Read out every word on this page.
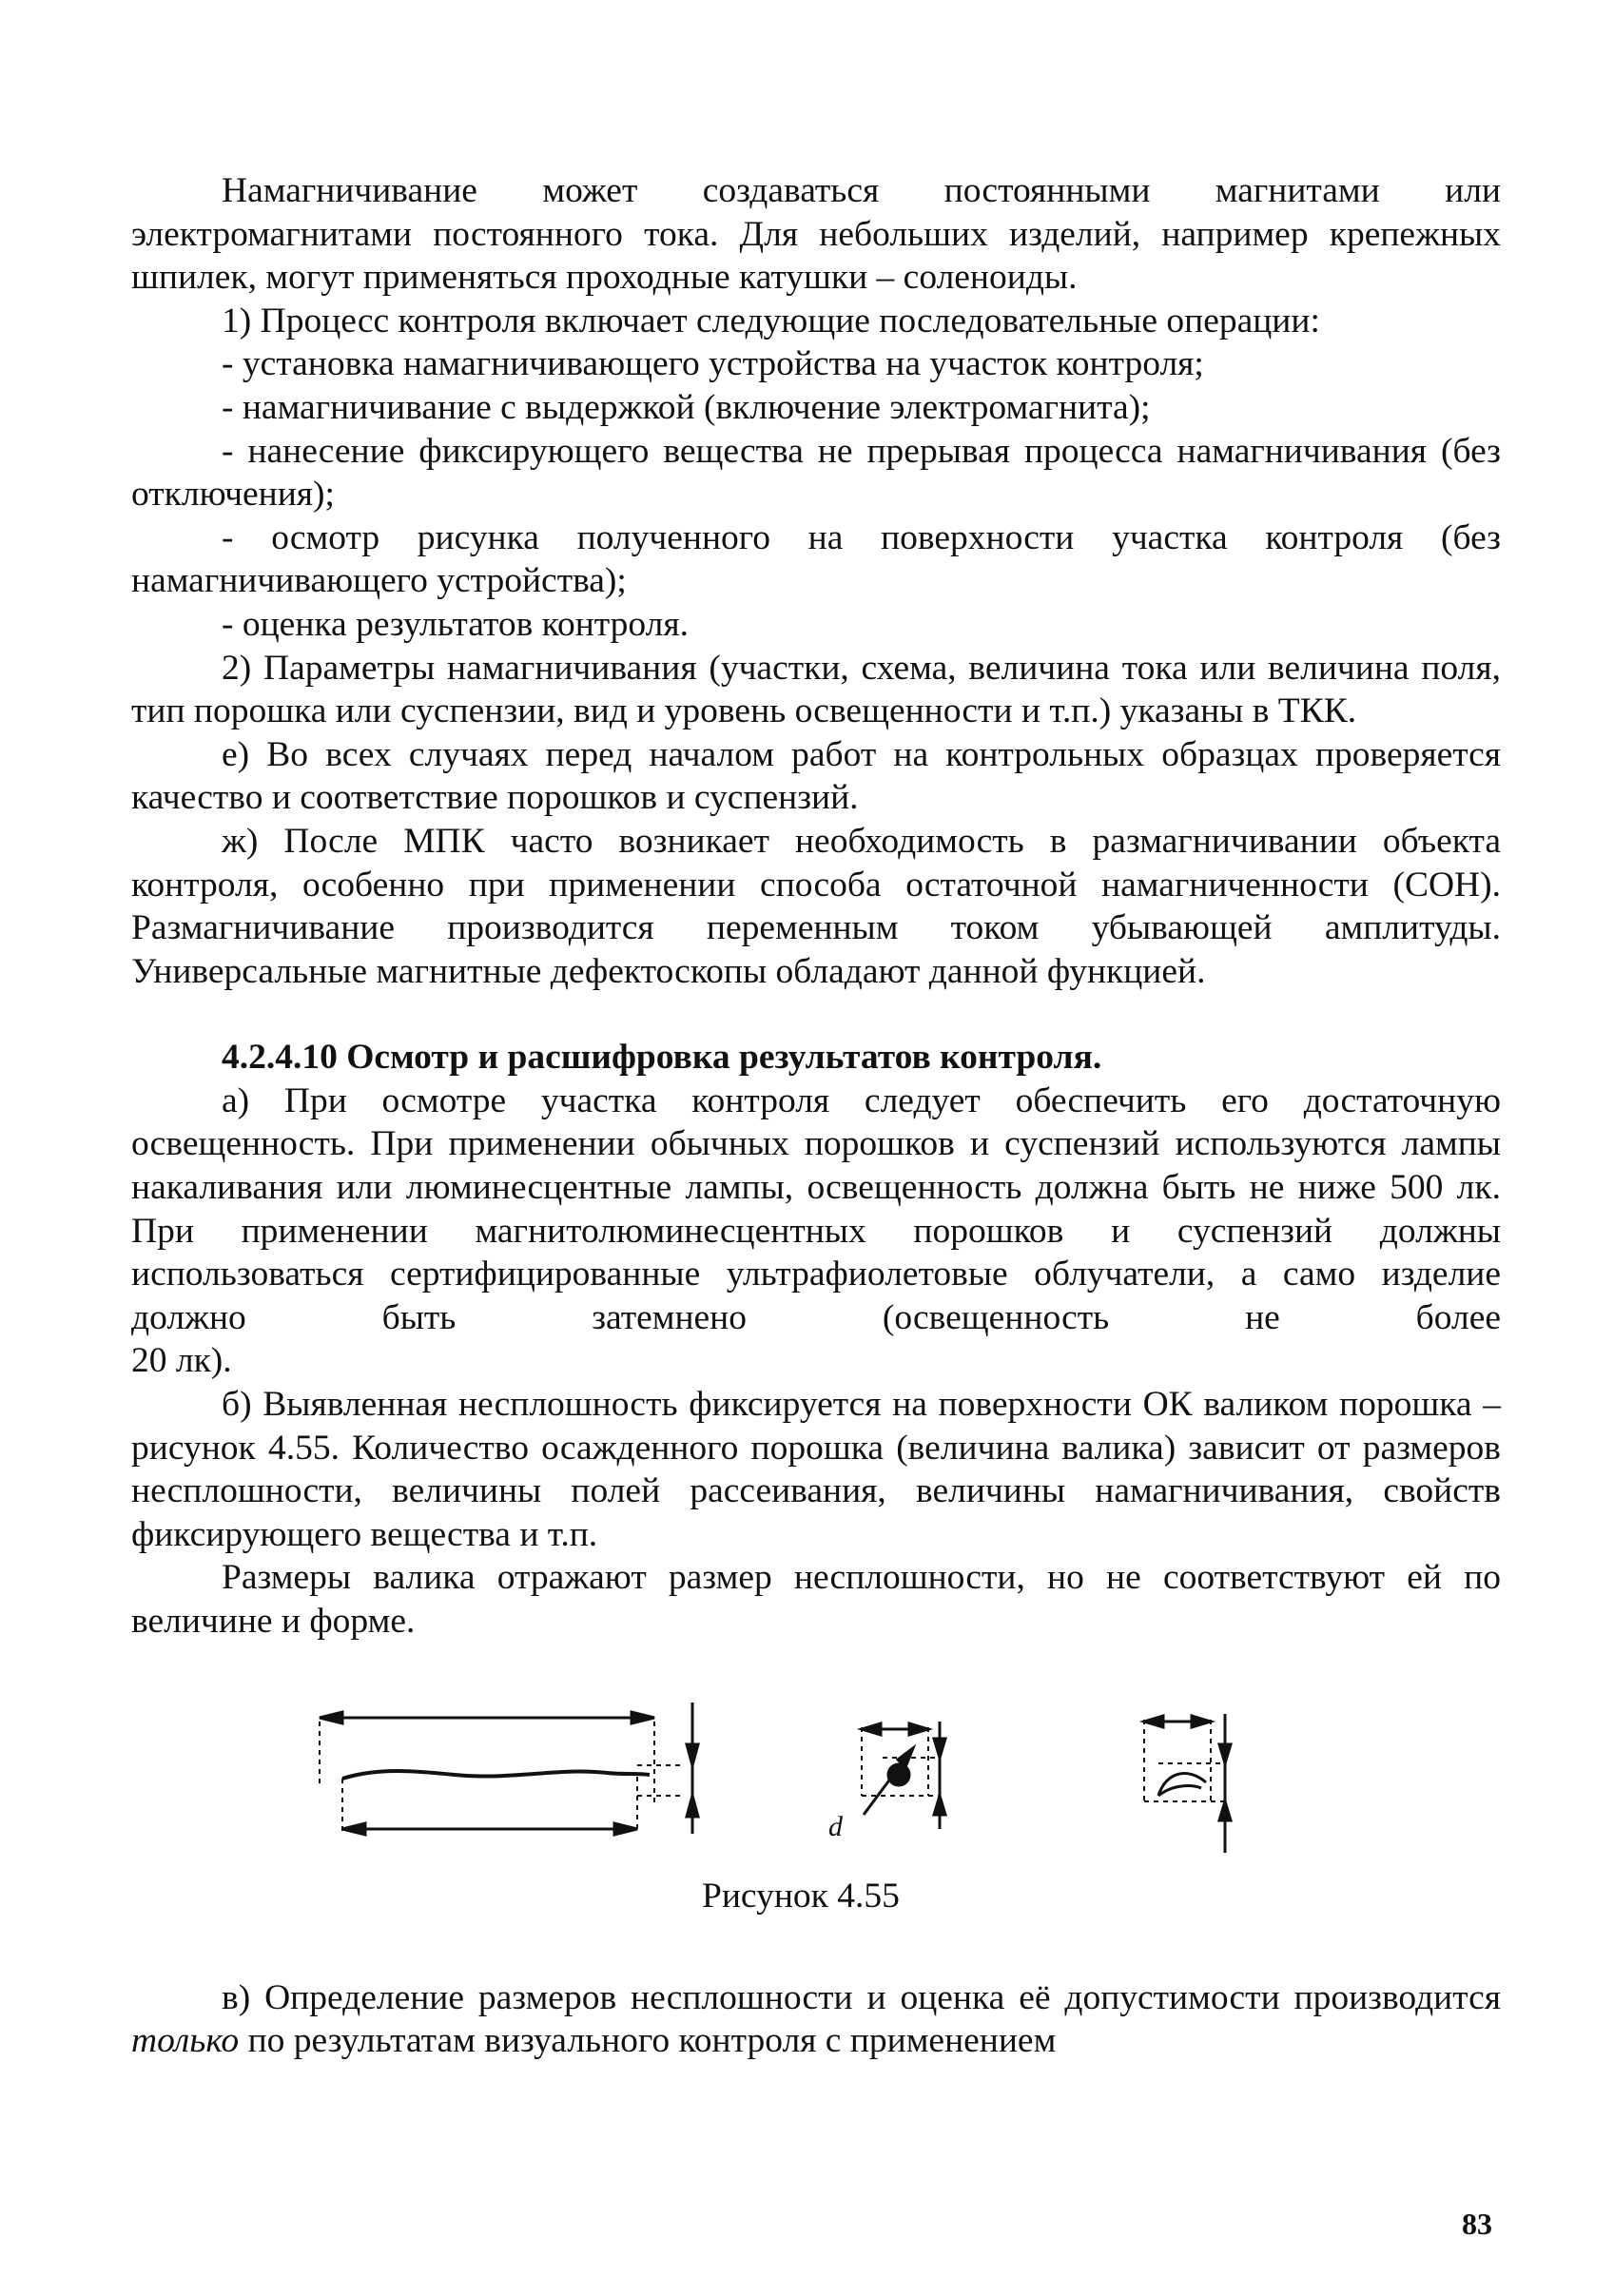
Намагничивание может создаваться постоянными магнитами или электромагнитами постоянного тока. Для небольших изделий, например крепежных шпилек, могут применяться проходные катушки – соленоиды.

1) Процесс контроля включает следующие последовательные операции:

- установка намагничивающего устройства на участок контроля;

- намагничивание с выдержкой (включение электромагнита);

- нанесение фиксирующего вещества не прерывая процесса намагничивания (без отключения);

- осмотр рисунка полученного на поверхности участка контроля (без намагничивающего устройства);

- оценка результатов контроля.

2) Параметры намагничивания (участки, схема, величина тока или величина поля, тип порошка или суспензии, вид и уровень освещенности и т.п.) указаны в ТКК.

е) Во всех случаях перед началом работ на контрольных образцах проверяется качество и соответствие порошков и суспензий.

ж) После МПК часто возникает необходимость в размагничивании объекта контроля, особенно при применении способа остаточной намагниченности (СОН). Размагничивание производится переменным током убывающей амплитуды. Универсальные магнитные дефектоскопы обладают данной функцией.

4.2.4.10 Осмотр и расшифровка результатов контроля.

а) При осмотре участка контроля следует обеспечить его достаточную освещенность. При применении обычных порошков и суспензий используются лампы накаливания или люминесцентные лампы, освещенность должна быть не ниже 500 лк. При применении магнитолюминесцентных порошков и суспензий должны использоваться сертифицированные ультрафиолетовые облучатели, а само изделие должно быть затемнено (освещенность не более

20 лк).

б) Выявленная несплошность фиксируется на поверхности ОК валиком порошка – рисунок 4.55. Количество осажденного порошка (величина валика) зависит от размеров несплошности, величины полей рассеивания, величины намагничивания, свойств фиксирующего вещества и т.п.

Размеры валика отражают размер несплошности, но не соответствуют ей по величине и форме.

d
Рисунок 4.55

в) Определение размеров несплошности и оценка её допустимости производится только по результатам визуального контроля с применением

83
